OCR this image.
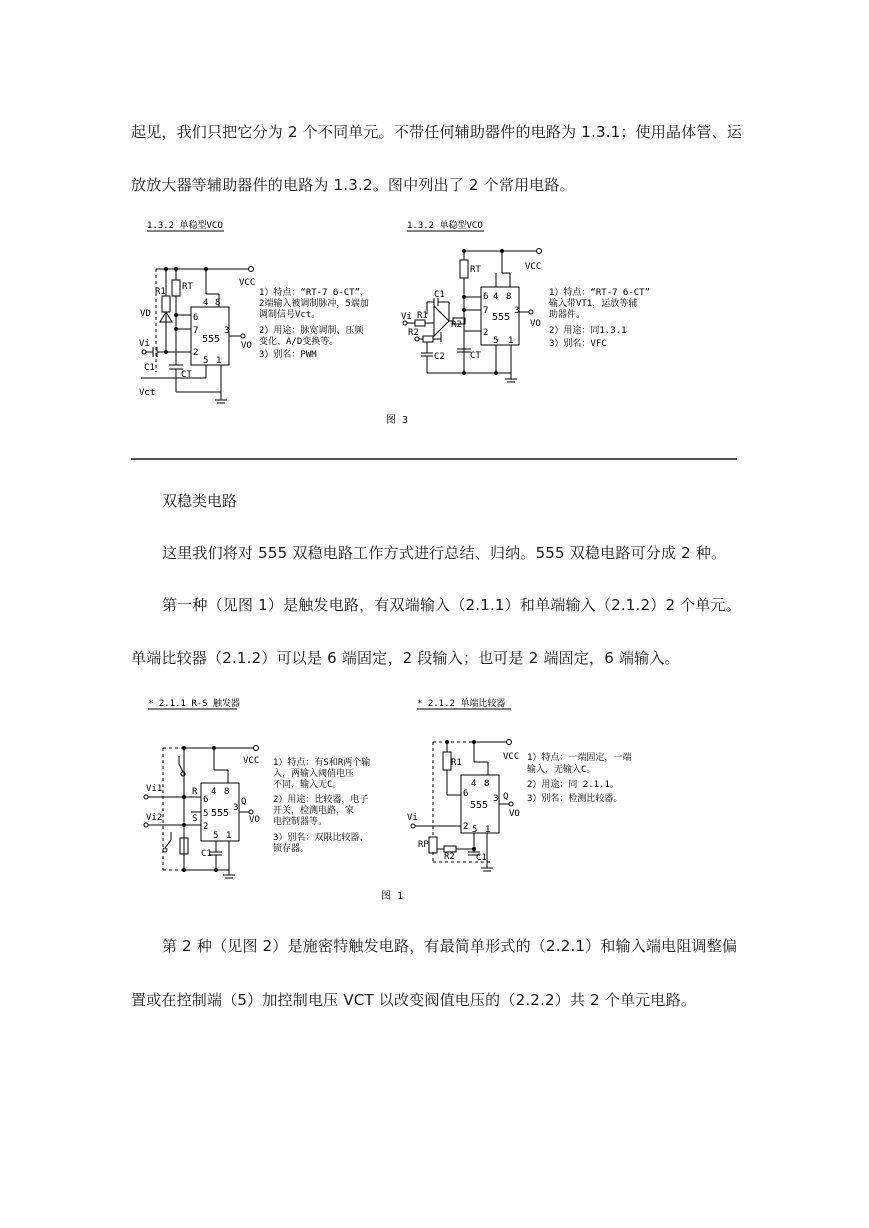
起见，我们只把它分为 2 个不同单元。不带任何辅助器件的电路为 1.3.1；使用晶体管、运
放放大器等辅助器件的电路为 1.3.2。图中列出了 2 个常用电路。
1.3.2 单稳型VCO
555
6
4 8
7	3
2
5 1
VCC
RT
R1
VD
Vi
C1
CT
Vct
VO
1）特点：“RT-7 6-CT”，
2端输入被调制脉冲，5端加
调制信号Vct。
2）用途：脉宽调制、压频
变化、A/D变换等。
3）别名：PWM
1.3.2 单稳型VCO
555
6 4 8
7	3
2
5 1
VCC
RT
C1
Vi R1
R2
R2
C2	CT
VO
1）特点：“RT-7 6-CT”
输入带VT1，运放等辅
助器件。
2）用途：同1.3.1
3）别名：VFC
图 3
双稳类电路
这里我们将对 555 双稳电路工作方式进行总结、归纳。555 双稳电路可分成 2 种。
第一种（见图 1）是触发电路，有双端输入（2.1.1）和单端输入（2.1.2）2 个单元。
单端比较器（2.1.2）可以是 6 端固定，2 段输入；也可是 2 端固定，6 端输入。
* 2.1.1 R-S 触发器
555
6
4 8
3
5
2
5 1
VCC
Vi1
Vi2
R
S
Q
VO
C1
1）特点：有S和R两个输
入，两输入阈值电压
不同，输入无C。
2）用途：比较器，电子
开关，检测电路，家
电控制器等。
3）别名：双限比较器、
锁存器。
* 2.1.2 单端比较器
555
6
4 8
3
2 5 1
VCC
R1
Vi
Q
VO
RP
R2 C1
1）特点：一端固定，一端
输入，无输入C。
2）用途：同 2.1.1。
3）别名：检测比较器。
图 1
第 2 种（见图 2）是施密特触发电路，有最简单形式的（2.2.1）和输入端电阻调整偏
置或在控制端（5）加控制电压 VCT 以改变阀值电压的（2.2.2）共 2 个单元电路。
